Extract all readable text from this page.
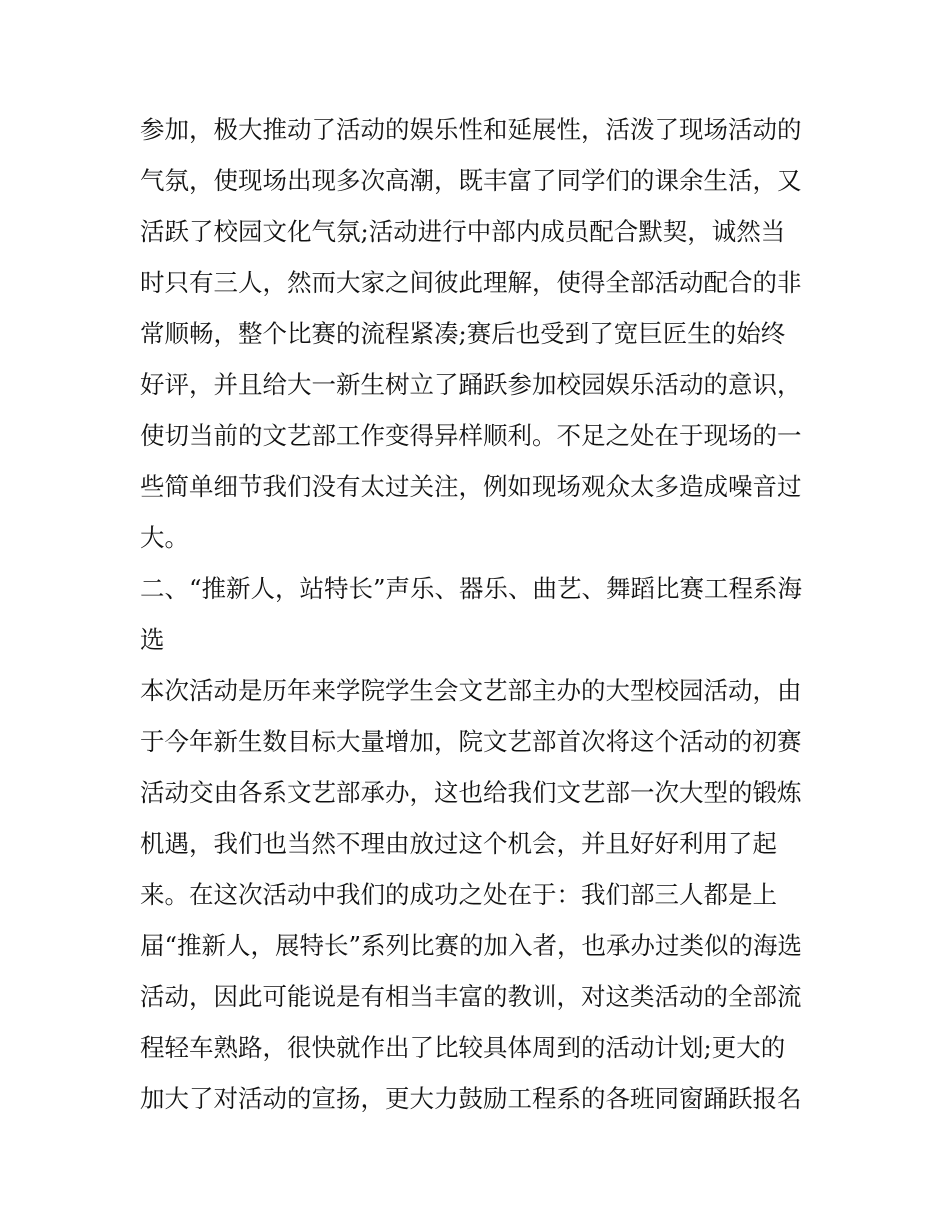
参加，极大推动了活动的娱乐性和延展性，活泼了现场活动的
气氛，使现场出现多次高潮，既丰富了同学们的课余生活，又
活跃了校园文化气氛;活动进行中部内成员配合默契，诚然当
时只有三人，然而大家之间彼此理解，使得全部活动配合的非
常顺畅，整个比赛的流程紧凑;赛后也受到了宽巨匠生的始终
好评，并且给大一新生树立了踊跃参加校园娱乐活动的意识，
使切当前的文艺部工作变得异样顺利。不足之处在于现场的一
些简单细节我们没有太过关注，例如现场观众太多造成噪音过
大。
二、“推新人，站特长”声乐、器乐、曲艺、舞蹈比赛工程系海
选
本次活动是历年来学院学生会文艺部主办的大型校园活动，由
于今年新生数目标大量增加，院文艺部首次将这个活动的初赛
活动交由各系文艺部承办，这也给我们文艺部一次大型的锻炼
机遇，我们也当然不理由放过这个机会，并且好好利用了起
来。在这次活动中我们的成功之处在于：我们部三人都是上
届“推新人，展特长”系列比赛的加入者，也承办过类似的海选
活动，因此可能说是有相当丰富的教训，对这类活动的全部流
程轻车熟路，很快就作出了比较具体周到的活动计划;更大的
加大了对活动的宣扬，更大力鼓励工程系的各班同窗踊跃报名
